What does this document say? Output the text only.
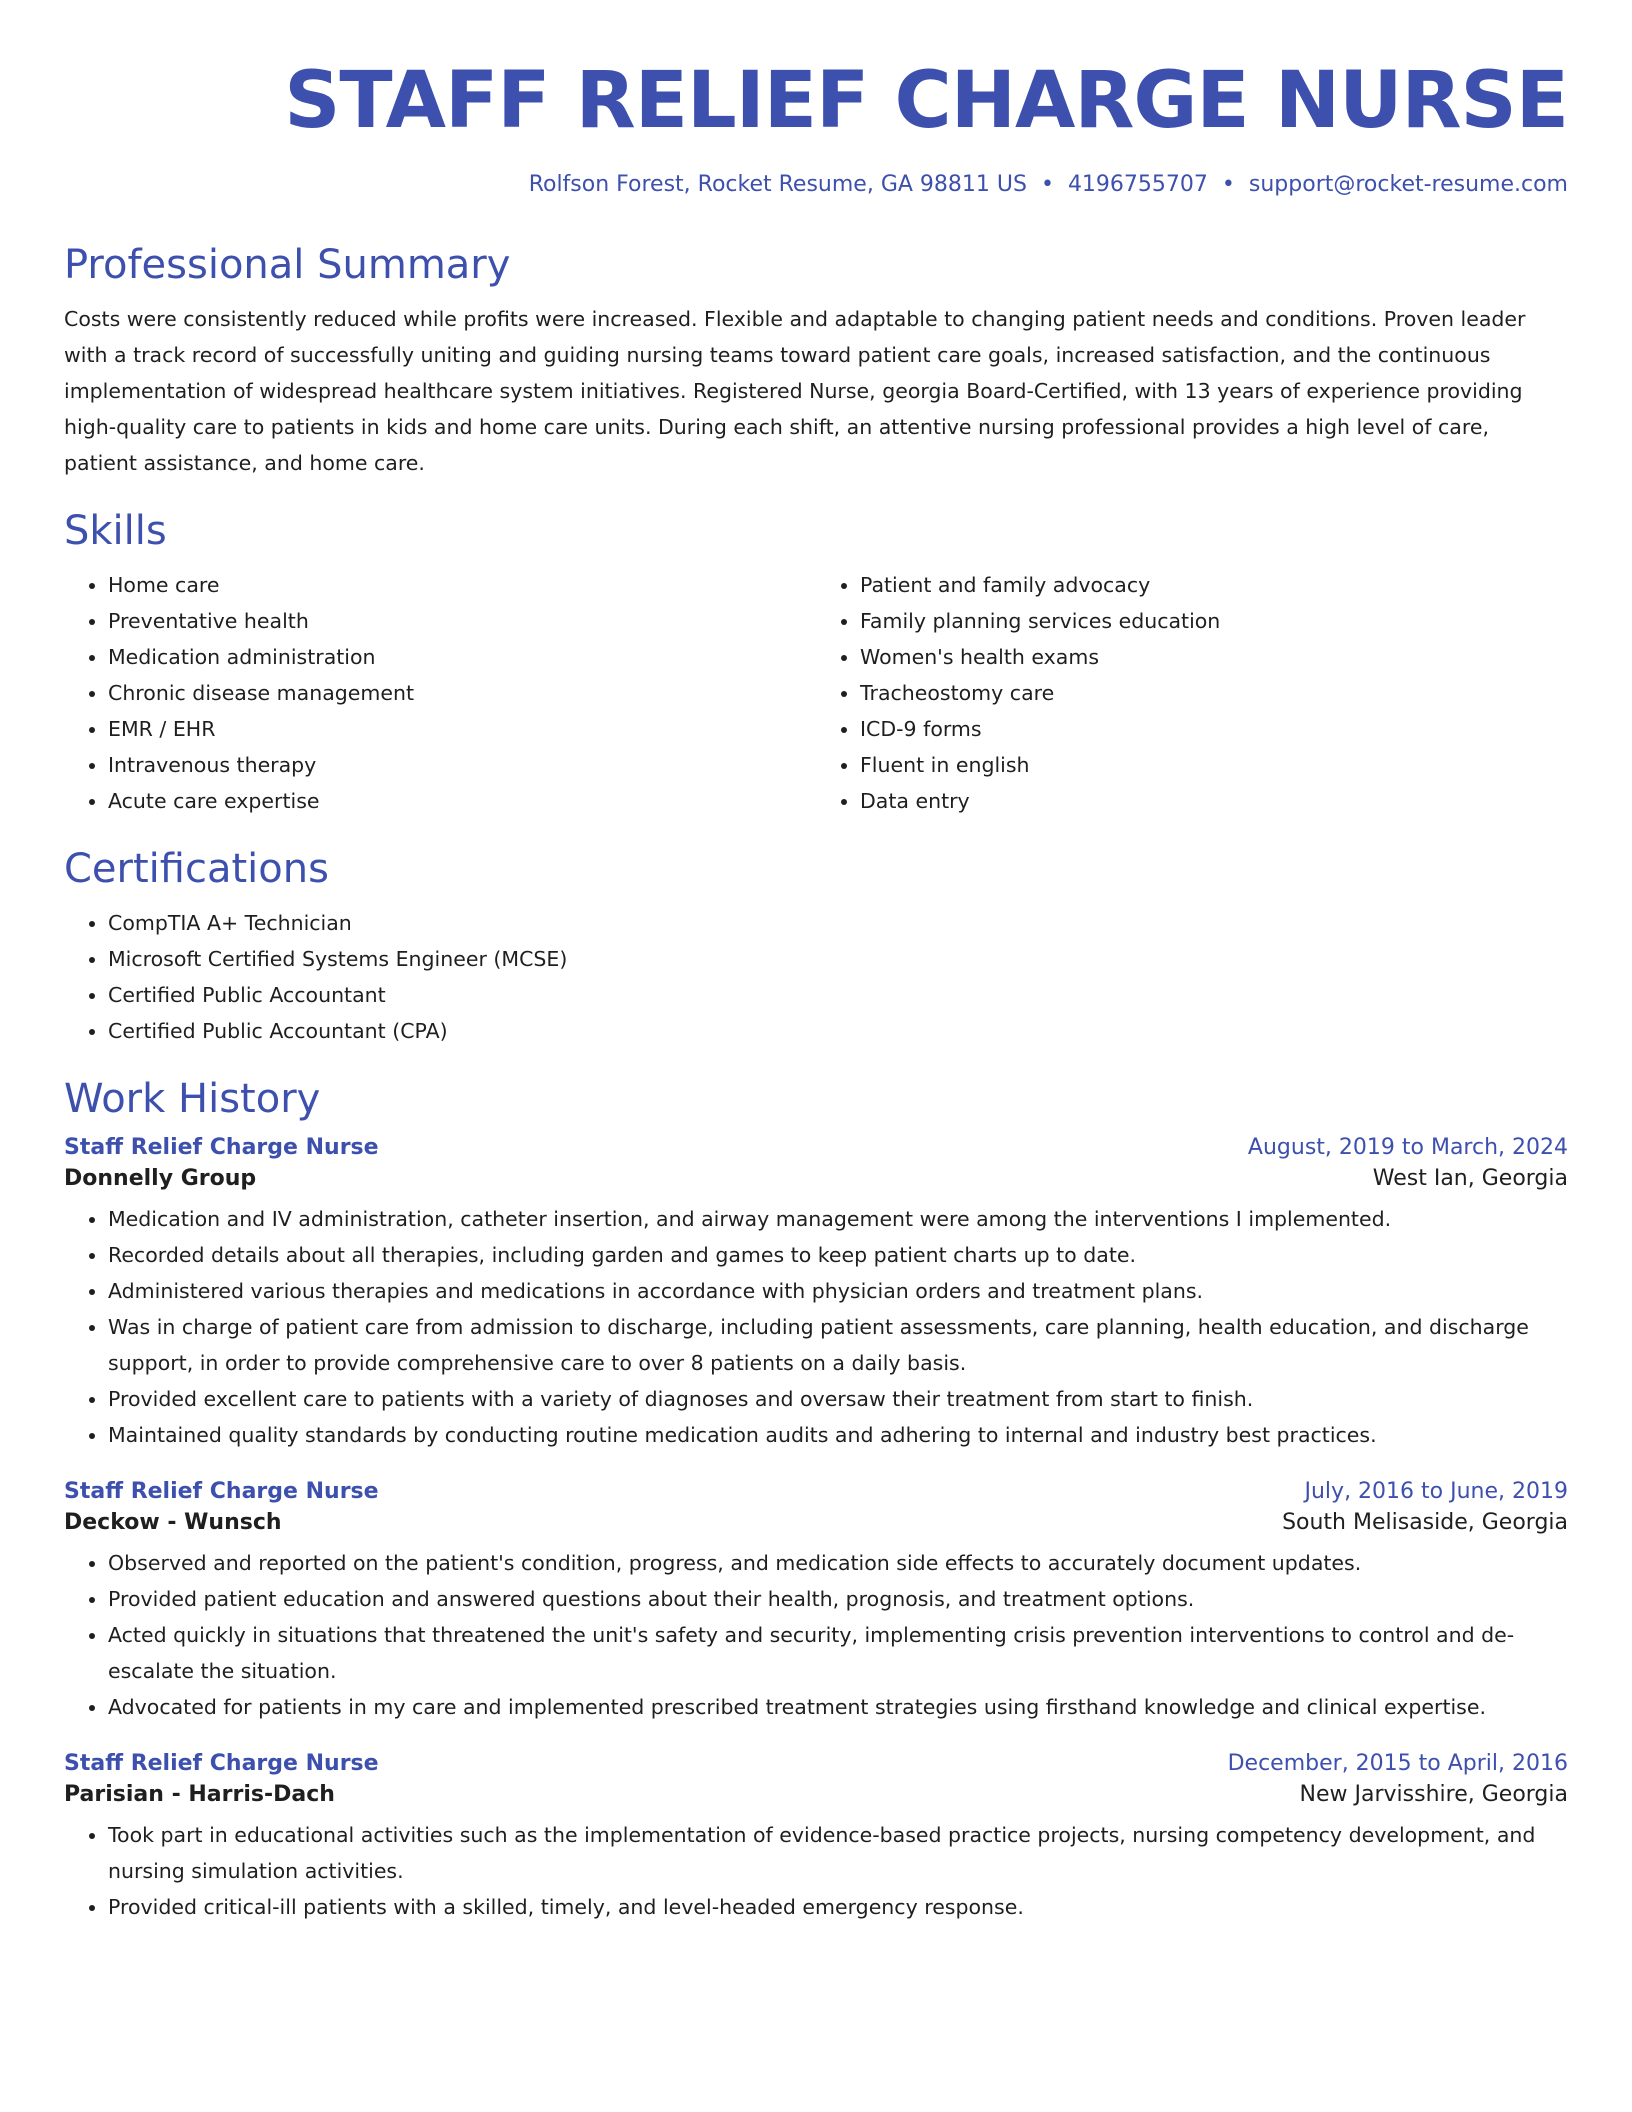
STAFF RELIEF CHARGE NURSE
Rolfson Forest, Rocket Resume, GA 98811 US • 4196755707 • support@rocket-resume.com
Professional Summary

Costs were consistently reduced while profits were increased. Flexible and adaptable to changing patient needs and conditions. Proven leader with a track record of successfully uniting and guiding nursing teams toward patient care goals, increased satisfaction, and the continuous implementation of widespread healthcare system initiatives. Registered Nurse, georgia Board-Certified, with 13 years of experience providing high-quality care to patients in kids and home care units. During each shift, an attentive nursing professional provides a high level of care, patient assistance, and home care.

Skills
• Home care
• Preventative health
• Medication administration
• Chronic disease management
• EMR / EHR
• Intravenous therapy
• Acute care expertise
• Patient and family advocacy
• Family planning services education
• Women's health exams
• Tracheostomy care
• ICD-9 forms
• Fluent in english
• Data entry
Certifications
• CompTIA A+ Technician
• Microsoft Certified Systems Engineer (MCSE)
• Certified Public Accountant
• Certified Public Accountant (CPA)
Work History
Staff Relief Charge Nurse	August, 2019 to March, 2024
Donnelly Group	West Ian, Georgia
• Medication and IV administration, catheter insertion, and airway management were among the interventions I implemented.
• Recorded details about all therapies, including garden and games to keep patient charts up to date.
• Administered various therapies and medications in accordance with physician orders and treatment plans.
• Was in charge of patient care from admission to discharge, including patient assessments, care planning, health education, and discharge support, in order to provide comprehensive care to over 8 patients on a daily basis.
• Provided excellent care to patients with a variety of diagnoses and oversaw their treatment from start to finish.
• Maintained quality standards by conducting routine medication audits and adhering to internal and industry best practices.
Staff Relief Charge Nurse	July, 2016 to June, 2019
Deckow - Wunsch	South Melisaside, Georgia
• Observed and reported on the patient's condition, progress, and medication side effects to accurately document updates.
• Provided patient education and answered questions about their health, prognosis, and treatment options.
• Acted quickly in situations that threatened the unit's safety and security, implementing crisis prevention interventions to control and de-escalate the situation.
• Advocated for patients in my care and implemented prescribed treatment strategies using firsthand knowledge and clinical expertise.
Staff Relief Charge Nurse	December, 2015 to April, 2016
Parisian - Harris-Dach	New Jarvisshire, Georgia
• Took part in educational activities such as the implementation of evidence-based practice projects, nursing competency development, and nursing simulation activities.
• Provided critical-ill patients with a skilled, timely, and level-headed emergency response.
